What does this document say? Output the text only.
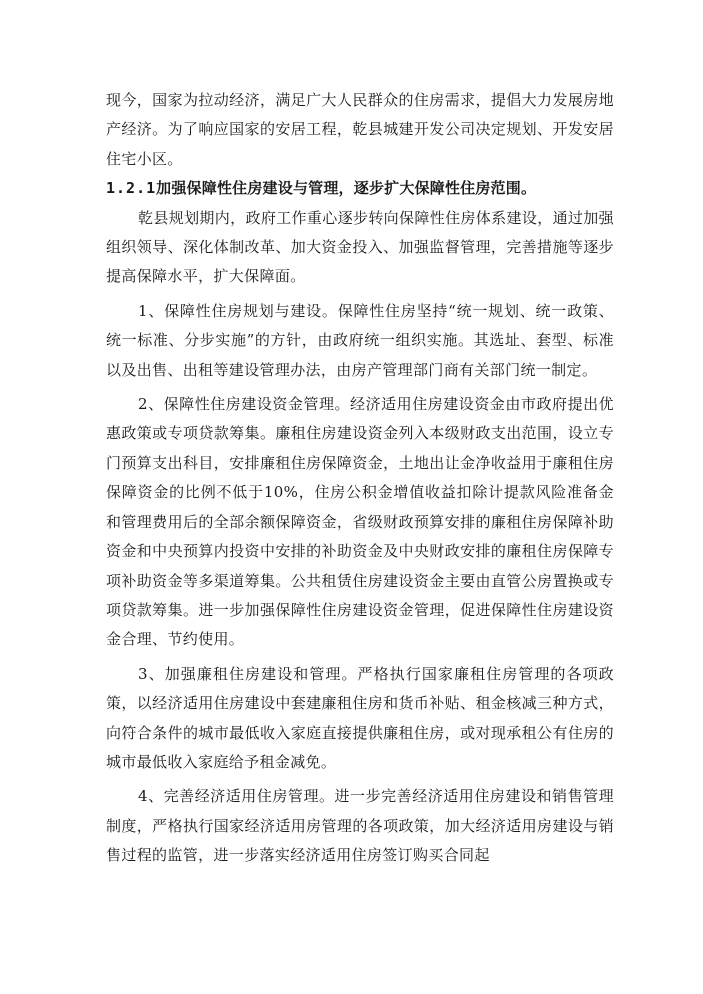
现今，国家为拉动经济，满足广大人民群众的住房需求，提倡大力发展房地产经济。为了响应国家的安居工程，乾县城建开发公司决定规划、开发安居住宅小区。

1.2.1加强保障性住房建设与管理，逐步扩大保障性住房范围。

乾县规划期内，政府工作重心逐步转向保障性住房体系建设，通过加强组织领导、深化体制改革、加大资金投入、加强监督管理，完善措施等逐步提高保障水平，扩大保障面。

1、保障性住房规划与建设。保障性住房坚持“统一规划、统一政策、统一标准、分步实施”的方针，由政府统一组织实施。其选址、套型、标准以及出售、出租等建设管理办法，由房产管理部门商有关部门统一制定。

2、保障性住房建设资金管理。经济适用住房建设资金由市政府提出优惠政策或专项贷款筹集。廉租住房建设资金列入本级财政支出范围，设立专门预算支出科目，安排廉租住房保障资金，土地出让金净收益用于廉租住房保障资金的比例不低于10%，住房公积金增值收益扣除计提款风险准备金和管理费用后的全部余额保障资金，省级财政预算安排的廉租住房保障补助资金和中央预算内投资中安排的补助资金及中央财政安排的廉租住房保障专项补助资金等多渠道筹集。公共租赁住房建设资金主要由直管公房置换或专项贷款筹集。进一步加强保障性住房建设资金管理，促进保障性住房建设资金合理、节约使用。

3、加强廉租住房建设和管理。严格执行国家廉租住房管理的各项政策，以经济适用住房建设中套建廉租住房和货币补贴、租金核减三种方式，向符合条件的城市最低收入家庭直接提供廉租住房，或对现承租公有住房的城市最低收入家庭给予租金减免。

4、完善经济适用住房管理。进一步完善经济适用住房建设和销售管理制度，严格执行国家经济适用房管理的各项政策，加大经济适用房建设与销售过程的监管，进一步落实经济适用住房签订购买合同起
